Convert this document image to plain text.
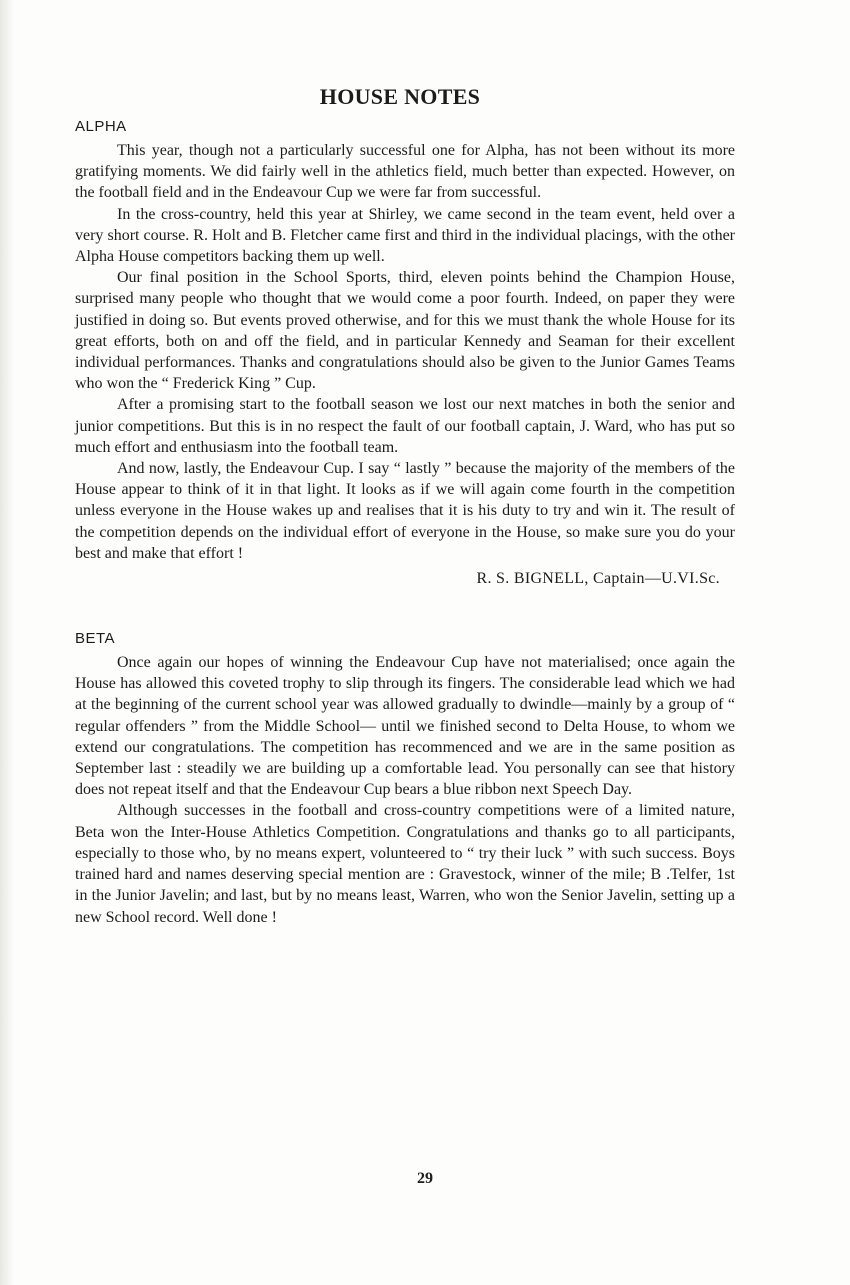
HOUSE NOTES
ALPHA

This year, though not a particularly successful one for Alpha, has not been without its more gratifying moments. We did fairly well in the athletics field, much better than expected. However, on the football field and in the Endeavour Cup we were far from successful.

In the cross-country, held this year at Shirley, we came second in the team event, held over a very short course. R. Holt and B. Fletcher came first and third in the individual placings, with the other Alpha House competitors backing them up well.

Our final position in the School Sports, third, eleven points behind the Champion House, surprised many people who thought that we would come a poor fourth. Indeed, on paper they were justified in doing so. But events proved otherwise, and for this we must thank the whole House for its great efforts, both on and off the field, and in particular Kennedy and Seaman for their excellent individual performances. Thanks and congratulations should also be given to the Junior Games Teams who won the “ Frederick King ” Cup.

After a promising start to the football season we lost our next matches in both the senior and junior competitions. But this is in no respect the fault of our football captain, J. Ward, who has put so much effort and enthusiasm into the football team.

And now, lastly, the Endeavour Cup. I say “ lastly ” because the majority of the members of the House appear to think of it in that light. It looks as if we will again come fourth in the competition unless everyone in the House wakes up and realises that it is his duty to try and win it. The result of the competition depends on the individual effort of everyone in the House, so make sure you do your best and make that effort !

R. S. BIGNELL, Captain—U.VI.Sc.
BETA

Once again our hopes of winning the Endeavour Cup have not materialised; once again the House has allowed this coveted trophy to slip through its fingers. The considerable lead which we had at the beginning of the current school year was allowed gradually to dwindle—mainly by a group of “ regular offenders ” from the Middle School— until we finished second to Delta House, to whom we extend our congratulations. The competition has recommenced and we are in the same position as September last : steadily we are building up a comfortable lead. You personally can see that history does not repeat itself and that the Endeavour Cup bears a blue ribbon next Speech Day.

Although successes in the football and cross-country competitions were of a limited nature, Beta won the Inter-House Athletics Competition. Congratulations and thanks go to all participants, especially to those who, by no means expert, volunteered to “ try their luck ” with such success. Boys trained hard and names deserving special mention are : Gravestock, winner of the mile; B .Telfer, 1st in the Junior Javelin; and last, but by no means least, Warren, who won the Senior Javelin, setting up a new School record. Well done !

29
